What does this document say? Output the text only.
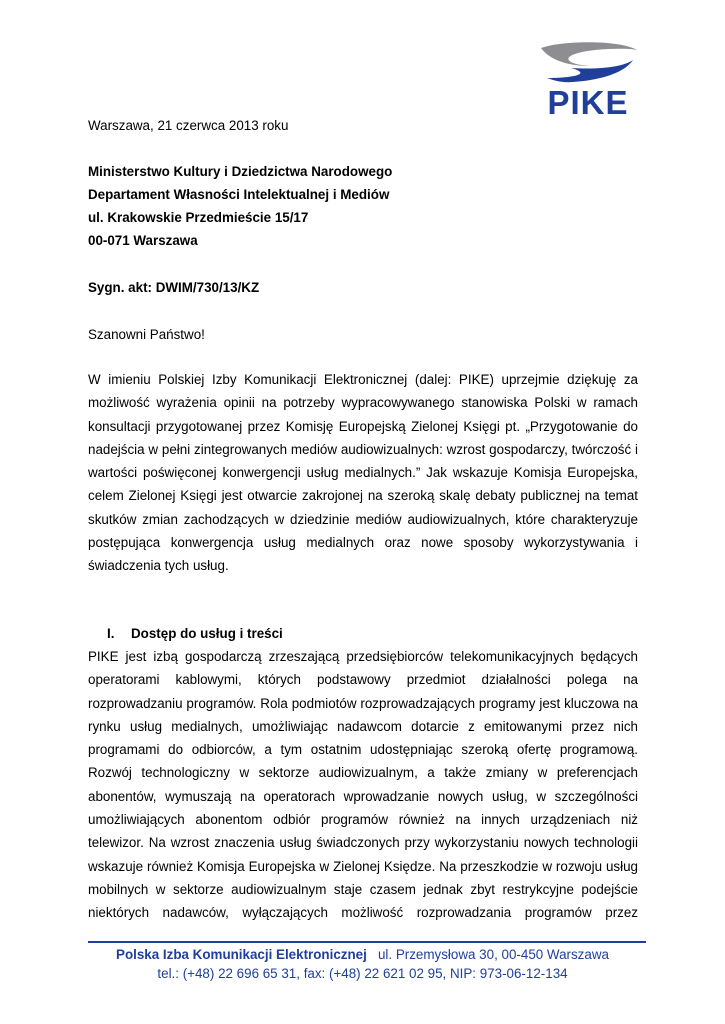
PIKE
Warszawa, 21 czerwca 2013 roku
Ministerstwo Kultury i Dziedzictwa Narodowego
Departament Własności Intelektualnej i Mediów
ul. Krakowskie Przedmieście 15/17
00-071 Warszawa
Sygn. akt: DWIM/730/13/KZ
Szanowni Państwo!
W imieniu Polskiej Izby Komunikacji Elektronicznej (dalej: PIKE) uprzejmie dziękuję za
możliwość wyrażenia opinii na potrzeby wypracowywanego stanowiska Polski w ramach
konsultacji przygotowanej przez Komisję Europejską Zielonej Księgi pt. „Przygotowanie do
nadejścia w pełni zintegrowanych mediów audiowizualnych: wzrost gospodarczy, twórczość i
wartości poświęconej konwergencji usług medialnych.” Jak wskazuje Komisja Europejska,
celem Zielonej Księgi jest otwarcie zakrojonej na szeroką skalę debaty publicznej na temat
skutków zmian zachodzących w dziedzinie mediów audiowizualnych, które charakteryzuje
postępująca konwergencja usług medialnych oraz nowe sposoby wykorzystywania i
świadczenia tych usług.
I. Dostęp do usług i treści
PIKE jest izbą gospodarczą zrzeszającą przedsiębiorców telekomunikacyjnych będących
operatorami kablowymi, których podstawowy przedmiot działalności polega na
rozprowadzaniu programów. Rola podmiotów rozprowadzających programy jest kluczowa na
rynku usług medialnych, umożliwiając nadawcom dotarcie z emitowanymi przez nich
programami do odbiorców, a tym ostatnim udostępniając szeroką ofertę programową.
Rozwój technologiczny w sektorze audiowizualnym, a także zmiany w preferencjach
abonentów, wymuszają na operatorach wprowadzanie nowych usług, w szczególności
umożliwiających abonentom odbiór programów również na innych urządzeniach niż
telewizor. Na wzrost znaczenia usług świadczonych przy wykorzystaniu nowych technologii
wskazuje również Komisja Europejska w Zielonej Księdze. Na przeszkodzie w rozwoju usług
mobilnych w sektorze audiowizualnym staje czasem jednak zbyt restrykcyjne podejście
niektórych nadawców, wyłączających możliwość rozprowadzania programów przez
Polska Izba Komunikacji Elektronicznej ul. Przemysłowa 30, 00-450 Warszawa
tel.: (+48) 22 696 65 31, fax: (+48) 22 621 02 95, NIP: 973-06-12-134
